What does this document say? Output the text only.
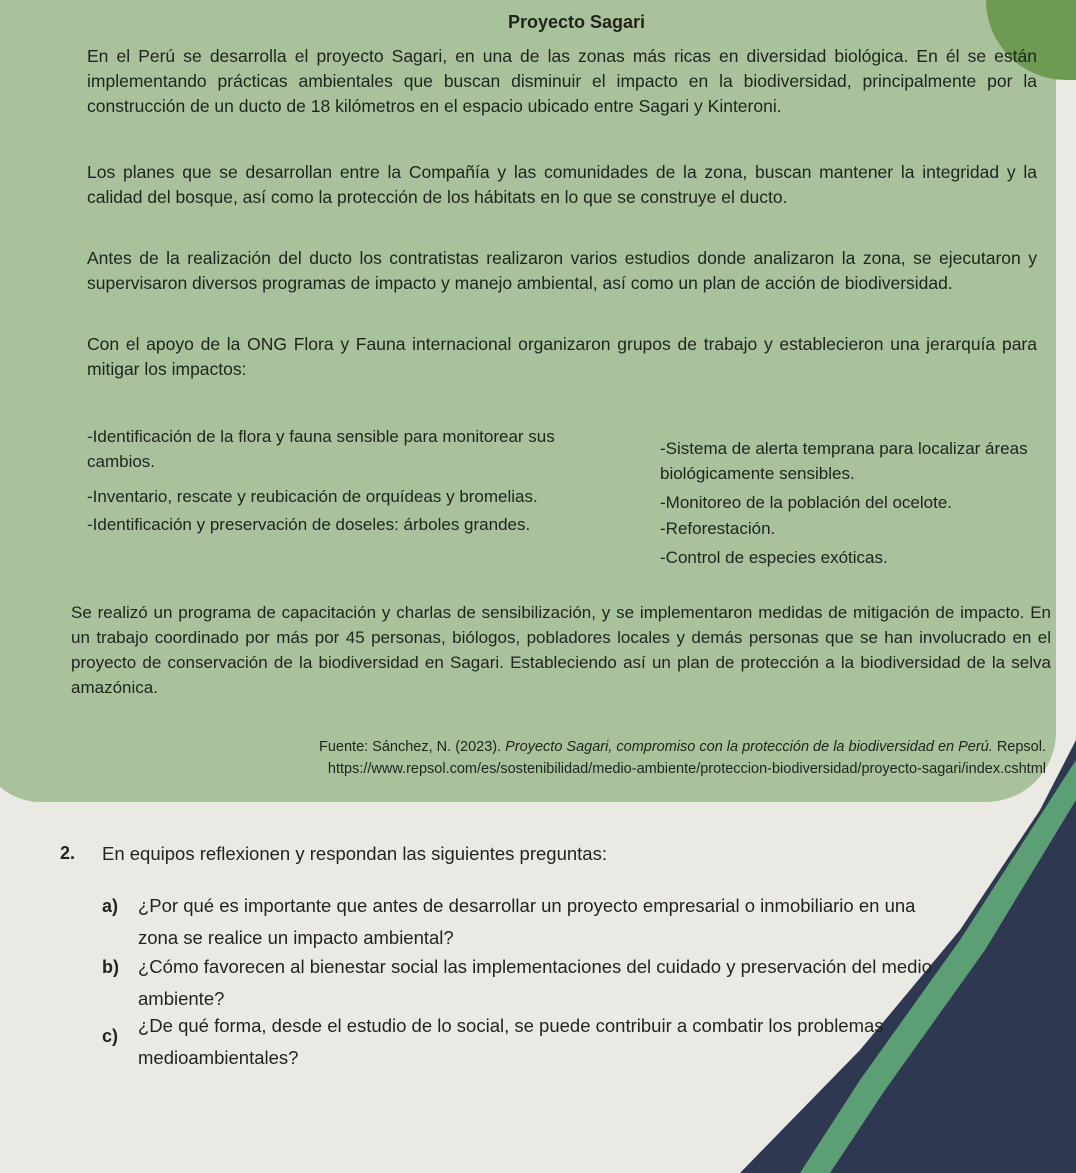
Proyecto Sagari

En el Perú se desarrolla el proyecto Sagari, en una de las zonas más ricas en diversidad biológica. En él se están implementando prácticas ambientales que buscan disminuir el impacto en la biodiversidad, principalmente por la construcción de un ducto de 18 kilómetros en el espacio ubicado entre Sagari y Kinteroni.

Los planes que se desarrollan entre la Compañía y las comunidades de la zona, buscan mantener la integridad y la calidad del bosque, así como la protección de los hábitats en lo que se construye el ducto.

Antes de la realización del ducto los contratistas realizaron varios estudios donde analizaron la zona, se ejecutaron y supervisaron diversos programas de impacto y manejo ambiental, así como un plan de acción de biodiversidad.

Con el apoyo de la ONG Flora y Fauna internacional organizaron grupos de trabajo y establecieron una jerarquía para mitigar los impactos:

-Identificación de la flora y fauna sensible para monitorear sus cambios.

-Inventario, rescate y reubicación de orquídeas y bromelias.

-Identificación y preservación de doseles: árboles grandes.

-Sistema de alerta temprana para localizar áreas biológicamente sensibles.

-Monitoreo de la población del ocelote.

-Reforestación.

-Control de especies exóticas.

Se realizó un programa de capacitación y charlas de sensibilización, y se implementaron medidas de mitigación de impacto. En un trabajo coordinado por más por 45 personas, biólogos, pobladores locales y demás personas que se han involucrado en el proyecto de conservación de la biodiversidad en Sagari. Estableciendo así un plan de protección a la biodiversidad de la selva amazónica.

Fuente: Sánchez, N. (2023). Proyecto Sagari, compromiso con la protección de la biodiversidad en Perú. Repsol.
https://www.repsol.com/es/sostenibilidad/medio-ambiente/proteccion-biodiversidad/proyecto-sagari/index.cshtml
2. En equipos reflexionen y respondan las siguientes preguntas:
a) ¿Por qué es importante que antes de desarrollar un proyecto empresarial o inmobiliario en una zona se realice un impacto ambiental?

b) ¿Cómo favorecen al bienestar social las implementaciones del cuidado y preservación del medio ambiente?

c) ¿De qué forma, desde el estudio de lo social, se puede contribuir a combatir los problemas medioambientales?
